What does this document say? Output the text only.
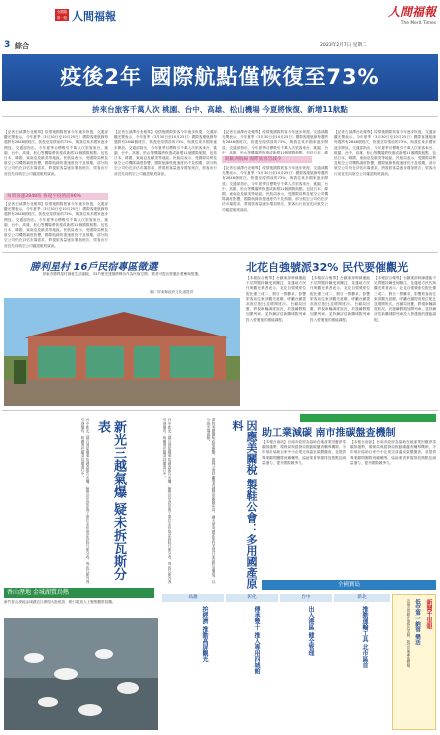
3 綜合
全國版
第一版 人間福報	人間福報
The Merit Times
2023年2月7日 星期二
疫後2年 國際航點僅恢復至73%
拚來台旅客千萬人次 桃園、台中、高雄、松山機場 今夏將恢復、新增11航點
【記者石誠澤台北報導】疫情後國際旅客今年逐步恢復，交通部觀光署表示，今年夏季（3月30日至10月25日）國際客運航線每週將有2848個班次，恢復至疫情前的73%，與我往來多國家逐步開放。交通部指出，今年夏季目標吸引千萬人次旅客來台，桃園、台中、高雄、松山等機場將恢復或新增11個國際航點，包括日本、韓國、東南亞及歐美等地區。民航局表示，受國際局勢及航空公司機隊調度影響，國際航線恢復速度仍不及預期，部分航空公司仍在評估市場需求，將視旅客量逐步增加班次，旅客出行前宜先向航空公司確認航班資訊。
每周客運2848班 恢復至疫情前96%
【記者石誠澤台北報導】疫情後國際旅客今年逐步恢復，交通部觀光署表示，今年夏季（3月30日至10月25日）國際客運航線每週將有2848個班次，恢復至疫情前的73%，與我往來多國家逐步開放。交通部指出，今年夏季目標吸引千萬人次旅客來台，桃園、台中、高雄、松山等機場將恢復或新增11個國際航點，包括日本、韓國、東南亞及歐美等地區。民航局表示，受國際局勢及航空公司機隊調度影響，國際航線恢復速度仍不及預期，部分航空公司仍在評估市場需求，將視旅客量逐步增加班次，旅客出行前宜先向航空公司確認航班資訊。
【記者石誠澤台北報導】疫情後國際旅客今年逐步恢復，交通部觀光署表示，今年夏季（3月30日至10月25日）國際客運航線每週將有2848個班次，恢復至疫情前的73%，與我往來多國家逐步開放。交通部指出，今年夏季目標吸引千萬人次旅客來台，桃園、台中、高雄、松山等機場將恢復或新增11個國際航點，包括日本、韓國、東南亞及歐美等地區。民航局表示，受國際局勢及航空公司機隊調度影響，國際航線恢復速度仍不及預期，部分航空公司仍在評估市場需求，將視旅客量逐步增加班次，旅客出行前宜先向航空公司確認航班資訊。
【記者石誠澤台北報導】疫情後國際旅客今年逐步恢復，交通部觀光署表示，今年夏季（3月30日至10月25日）國際客運航線每週將有2848個班次，恢復至疫情前的73%，與我往來多國家逐步開放。交通部指出，今年夏季目標吸引千萬人次旅客來台，桃園、台中、高雄、松山等機場將恢復或新增11個國際航點，包括日本、韓
開歐洲航線 國際旅客恐減少
【記者石誠澤台北報導】疫情後國際旅客今年逐步恢復，交通部觀光署表示，今年夏季（3月30日至10月25日）國際客運航線每週將有2848個班次，恢復至疫情前的73%，與我往來多國家逐步開放。交通部指出，今年夏季目標吸引千萬人次旅客來台，桃園、台中、高雄、松山等機場將恢復或新增11個國際航點，包括日本、韓國、東南亞及歐美等地區。民航局表示，受國際局勢及航空公司機隊調度影響，國際航線恢復速度仍不及預期，部分航空公司仍在評估市場需求，將視旅客量逐步增加班次，旅客出行前宜先向航空公司確認航班資訊。
【記者石誠澤台北報導】疫情後國際旅客今年逐步恢復，交通部觀光署表示，今年夏季（3月30日至10月25日）國際客運航線每週將有2848個班次，恢復至疫情前的73%，與我往來多國家逐步開放。交通部指出，今年夏季目標吸引千萬人次旅客來台，桃園、台中、高雄、松山等機場將恢復或新增11個國際航點，包括日本、韓國、東南亞及歐美等地區。民航局表示，受國際局勢及航空公司機隊調度影響，國際航線恢復速度仍不及預期，部分航空公司仍在評估市場需求，將視旅客量逐步增加班次，旅客出行前宜先向航空公司確認航班資訊。
勝利星村 16戶民宿專區徵選
屏東市勝利星村創意生活園區，33戶歷史建築將釋出作為民宿空間，業者可提出營運計畫參與徵選。
圖／屏東縣政府文化處提供
北花自強號派32% 民代要催觀光
【本報綜合報導】台鐵東部幹線運能不足問題持續受到關注，花蓮地方民代與觀光業者表示，北花自強號座位配比僅三成二，假日一票難求，影響旅客前往東部觀光意願，呼籲台鐵提高座位配比並增開班次。台鐵局回應，將視車輛調度狀況，於連續假期加開列車，並持續評估新購城際列車投入營運後的運能調配。
【本報綜合報導】台鐵東部幹線運能不足問題持續受到關注，花蓮地方民代與觀光業者表示，北花自強號座位配比僅三成二，假日一票難求，影響旅客前往東部觀光意願，呼籲台鐵提高座位配比並增開班次。台鐵局回應，將視車輛調度狀況，於連續假期加開列車，並持續評估新購城際列車投入營運後的運能調配。
【本報綜合報導】台鐵東部幹線運能不足問題持續受到關注，花蓮地方民代與觀光業者表示，北花自強號座位配比僅三成二，假日一票難求，影響旅客前往東部觀光意願，呼籲台鐵提高座位配比並增開班次。台鐵局回應，將視車輛調度狀況，於連續假期加開列車，並持續評估新購城際列車投入營運後的運能調配。
助工業減碳 南市推碳盤查機制
【本報台南訊】台南市政府為協助在地產業因應淨零碳排趨勢，環保局與經發局推動碳盤查輔導機制，今年預計協助百家中小企業完成溫室氣體盤查，並提供專業顧問團隊到廠輔導，協助業者掌握排放熱點及減量潛力，提升國際競爭力。
【本報台南訊】台南市政府為協助在地產業因應淨零碳排趨勢，環保局與經發局推動碳盤查輔導機制，今年預計協助百家中小企業完成溫室氣體盤查，並提供專業顧問團隊到廠輔導，協助業者掌握排放熱點及減量潛力，提升國際競爭力。
台中新光三越百貨氣爆事故調查報告出爐，檢警初步認定施工單位未依規定拆除瓦斯分表，導致瓦斯外洩引發爆炸，相關責任釐清持續進行中。	新光三越氣爆 疑未拆瓦斯分表	台中新光三越百貨氣爆事故調查報告出爐，檢警初步認定施工單位未依規定拆除瓦斯分表，導致瓦斯外洩引發爆炸，相關責任釐清持續進行中。	面對美國關稅政策衝擊，製鞋公會呼籲業者調整供應鏈布局，擴大使用國產原料並提升產品附加價值，以分散市場風險。	因應美關稅 製鞋公會：多用國產原料
香山溼地 金城湖賞鳥熱
新竹香山溼地金城湖近日湧現大批候鳥，吸引賞鳥人士聚集觀察拍攝。
全國寶島
高雄
拚經濟 推動高屏觀光
彰化
傳承雙十 推入專用四城館
台中
出入港區 健全管理
新北
推動運輸工具 北市區首	新聞千里眼
低空第一納管 樂活
各縣市推動在地特色活動，吸引民眾參與體驗。
